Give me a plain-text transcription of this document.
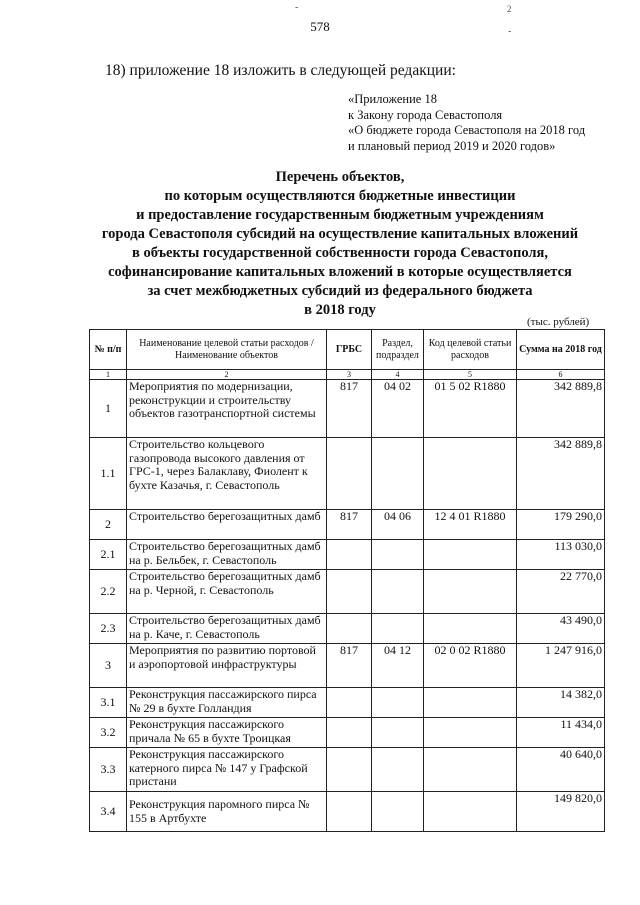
-	2
-
578
18) приложение 18 изложить в следующей редакции:
«Приложение 18
к Закону города Севастополя
«О бюджете города Севастополя на 2018 год
и плановый период 2019 и 2020 годов»
Перечень объектов,
по которым осуществляются бюджетные инвестиции
и предоставление государственным бюджетным учреждениям
города Севастополя субсидий на осуществление капитальных вложений
в объекты государственной собственности города Севастополя,
софинансирование капитальных вложений в которые осуществляется
за счет межбюджетных субсидий из федерального бюджета
в 2018 году
(тыс. рублей)
№ п/п	Наименование целевой статьи расходов / Наименование объектов	ГРБС	Раздел, подраздел	Код целевой статьи расходов	Сумма на 2018 год
1	2	3	4	5	6
1	Мероприятия по модернизации, реконструкции и строительству объектов газотранспортной системы	817	04 02	01 5 02 R1880	342 889,8
1.1	Строительство кольцевого газопровода высокого давления от ГРС-1, через Балаклаву, Фиолент к бухте Казачья, г. Севастополь				342 889,8
2	Строительство берегозащитных дамб	817	04 06	12 4 01 R1880	179 290,0
2.1	Строительство берегозащитных дамб на р. Бельбек, г. Севастополь				113 030,0
2.2	Строительство берегозащитных дамб на р. Черной, г. Севастополь				22 770,0
2.3	Строительство берегозащитных дамб на р. Каче, г. Севастополь				43 490,0
3	Мероприятия по развитию портовой и аэропортовой инфраструктуры	817	04 12	02 0 02 R1880	1 247 916,0
3.1	Реконструкция пассажирского пирса № 29 в бухте Голландия				14 382,0
3.2	Реконструкция пассажирского причала № 65 в бухте Троицкая				11 434,0
3.3	Реконструкция пассажирского катерного пирса № 147 у Графской пристани				40 640,0
3.4	Реконструкция паромного пирса № 155 в Артбухте				149 820,0
